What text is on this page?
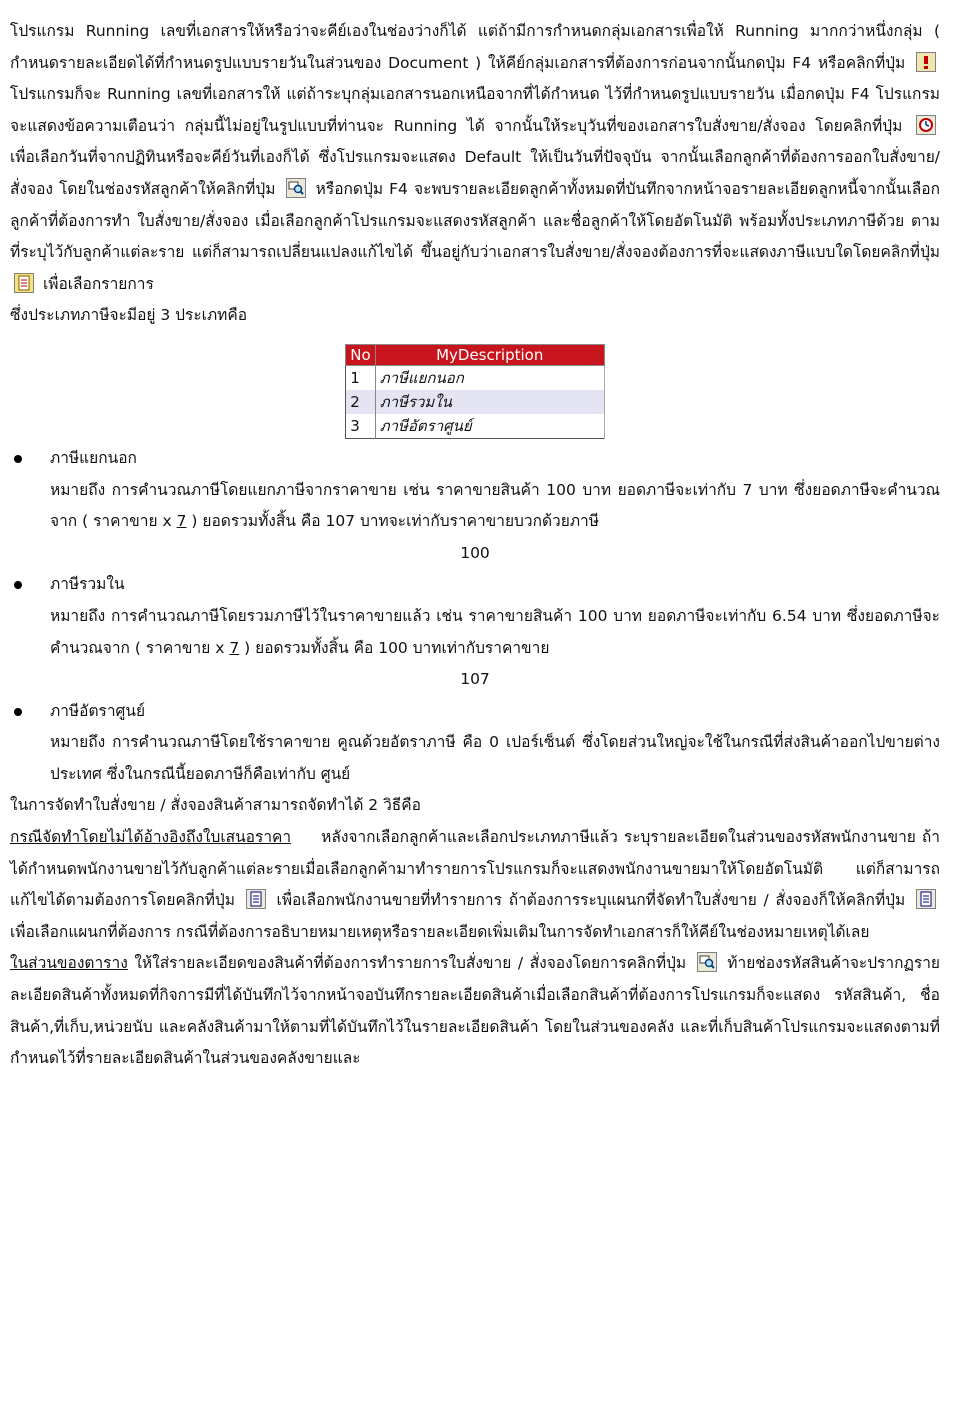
โปรแกรม Running เลขที่เอกสารให้หรือว่าจะคีย์เองในช่องว่างก็ได้ แต่ถ้ามีการกำหนดกลุ่มเอกสารเพื่อให้ Running มากกว่าหนึ่งกลุ่ม ( กำหนดรายละเอียดได้ที่กำหนดรูปแบบรายวันในส่วนของ Document ) ให้คีย์กลุ่มเอกสารที่ต้องการก่อนจากนั้นกดปุ่ม F4 หรือคลิกที่ปุ่ม
โปรแกรมก็จะ Running เลขที่เอกสารให้ แต่ถ้าระบุกลุ่มเอกสารนอกเหนือจากที่ได้กำหนด ไว้ที่กำหนดรูปแบบรายวัน เมื่อกดปุ่ม F4 โปรแกรมจะแสดงข้อความเตือนว่า กลุ่มนี้ไม่อยู่ในรูปแบบที่ท่านจะ Running ได้ จากนั้นให้ระบุวันที่ของเอกสารใบสั่งขาย/สั่งจอง โดยคลิกที่ปุ่ม
เพื่อเลือกวันที่จากปฏิทินหรือจะคีย์วันที่เองก็ได้ ซึ่งโปรแกรมจะแสดง Default ให้เป็นวันที่ปัจจุบัน จากนั้นเลือกลูกค้าที่ต้องการออกใบสั่งขาย/สั่งจอง โดยในช่องรหัสลูกค้าให้คลิกที่ปุ่ม	หรือกดปุ่ม F4 จะพบรายละเอียดลูกค้าทั้งหมดที่บันทึกจากหน้าจอรายละเอียดลูกหนี้จากนั้นเลือกลูกค้าที่ต้องการทำ ใบสั่งขาย/สั่งจอง เมื่อเลือกลูกค้าโปรแกรมจะแสดงรหัสลูกค้า และชื่อลูกค้าให้โดยอัตโนมัติ พร้อมทั้งประเภทภาษีด้วย ตามที่ระบุไว้กับลูกค้าแต่ละราย แต่ก็สามารถเปลี่ยนแปลงแก้ไขได้ ขึ้นอยู่กับว่าเอกสารใบสั่งขาย/สั่งจองต้องการที่จะแสดงภาษีแบบใดโดยคลิกที่ปุ่ม
เพื่อเลือกรายการ

ซึ่งประเภทภาษีจะมีอยู่ 3 ประเภทคือ

No	MyDescription
1	ภาษีแยกนอก
2	ภาษีรวมใน
3	ภาษีอัตราศูนย์

ภาษีแยกนอก

หมายถึง การคำนวณภาษีโดยแยกภาษีจากราคาขาย เช่น ราคาขายสินค้า 100 บาท ยอดภาษีจะเท่ากับ 7 บาท ซึ่งยอดภาษีจะคำนวณจาก ( ราคาขาย x 7 ) ยอดรวมทั้งสิ้น คือ 107 บาทจะเท่ากับราคาขายบวกด้วยภาษี

100

ภาษีรวมใน

หมายถึง การคำนวณภาษีโดยรวมภาษีไว้ในราคาขายแล้ว เช่น ราคาขายสินค้า 100 บาท ยอดภาษีจะเท่ากับ 6.54 บาท ซึ่งยอดภาษีจะคำนวณจาก ( ราคาขาย x 7 ) ยอดรวมทั้งสิ้น คือ 100 บาทเท่ากับราคาขาย

107

ภาษีอัตราศูนย์

หมายถึง การคำนวณภาษีโดยใช้ราคาขาย คูณด้วยอัตราภาษี คือ 0 เปอร์เซ็นต์ ซึ่งโดยส่วนใหญ่จะใช้ในกรณีที่ส่งสินค้าออกไปขายต่างประเทศ ซึ่งในกรณีนี้ยอดภาษีก็คือเท่ากับ ศูนย์

ในการจัดทำใบสั่งขาย / สั่งจองสินค้าสามารถจัดทำได้ 2 วิธีคือ

กรณีจัดทำโดยไม่ได้อ้างอิงถึงใบเสนอราคา หลังจากเลือกลูกค้าและเลือกประเภทภาษีแล้ว ระบุรายละเอียดในส่วนของรหัสพนักงานขาย ถ้าได้กำหนดพนักงานขายไว้กับลูกค้าแต่ละรายเมื่อเลือกลูกค้ามาทำรายการโปรแกรมก็จะแสดงพนักงานขายมาให้โดยอัตโนมัติ แต่ก็สามารถแก้ไขได้ตามต้องการโดยคลิกที่ปุ่ม	เพื่อเลือกพนักงานขายที่ทำรายการ ถ้าต้องการระบุแผนกที่จัดทำใบสั่งขาย / สั่งจองก็ให้คลิกที่ปุ่ม
เพื่อเลือกแผนกที่ต้องการ กรณีที่ต้องการอธิบายหมายเหตุหรือรายละเอียดเพิ่มเติมในการจัดทำเอกสารก็ให้คีย์ในช่องหมายเหตุได้เลย

ในส่วนของตาราง ให้ใส่รายละเอียดของสินค้าที่ต้องการทำรายการใบสั่งขาย / สั่งจองโดยการคลิกที่ปุ่ม	ท้ายช่องรหัสสินค้าจะปรากฏรายละเอียดสินค้าทั้งหมดที่กิจการมีที่ได้บันทึกไว้จากหน้าจอบันทึกรายละเอียดสินค้าเมื่อเลือกสินค้าที่ต้องการโปรแกรมก็จะแสดง รหัสสินค้า, ชื่อสินค้า,ที่เก็บ,หน่วยนับ และคลังสินค้ามาให้ตามที่ได้บันทึกไว้ในรายละเอียดสินค้า โดยในส่วนของคลัง และที่เก็บสินค้าโปรแกรมจะแสดงตามที่กำหนดไว้ที่รายละเอียดสินค้าในส่วนของคลังขายและ
